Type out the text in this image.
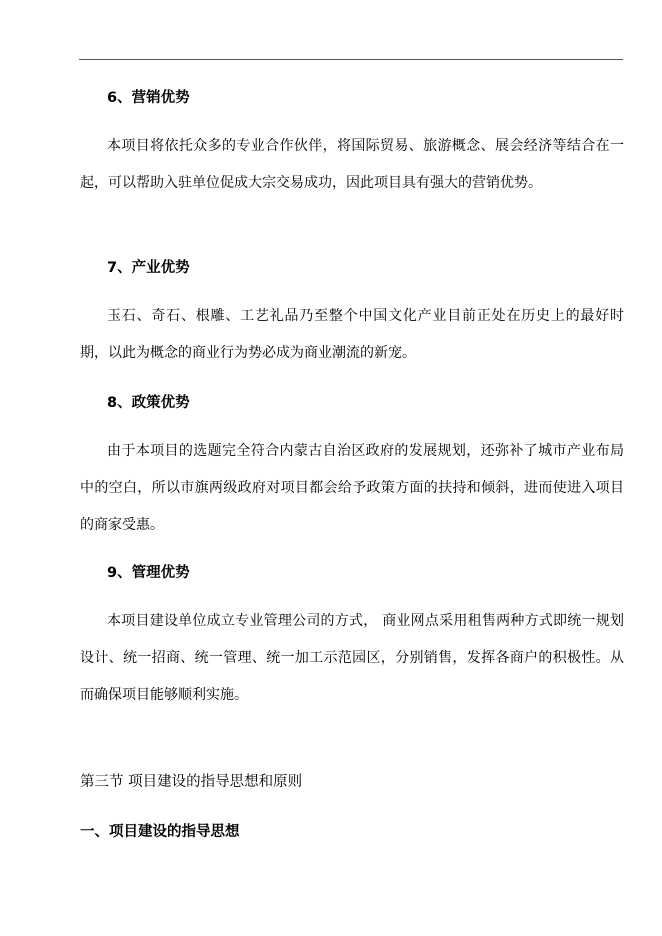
6、营销优势
本项目将依托众多的专业合作伙伴，将国际贸易、旅游概念、展会经济等结合在一起，可以帮助入驻单位促成大宗交易成功，因此项目具有强大的营销优势。
7、产业优势
玉石、奇石、根雕、工艺礼品乃至整个中国文化产业目前正处在历史上的最好时期，以此为概念的商业行为势必成为商业潮流的新宠。
8、政策优势
由于本项目的选题完全符合内蒙古自治区政府的发展规划，还弥补了城市产业布局中的空白，所以市旗两级政府对项目都会给予政策方面的扶持和倾斜，进而使进入项目的商家受惠。
9、管理优势
本项目建设单位成立专业管理公司的方式， 商业网点采用租售两种方式即统一规划设计、统一招商、统一管理、统一加工示范园区，分别销售，发挥各商户的积极性。从而确保项目能够顺利实施。
第三节 项目建设的指导思想和原则
一、项目建设的指导思想
